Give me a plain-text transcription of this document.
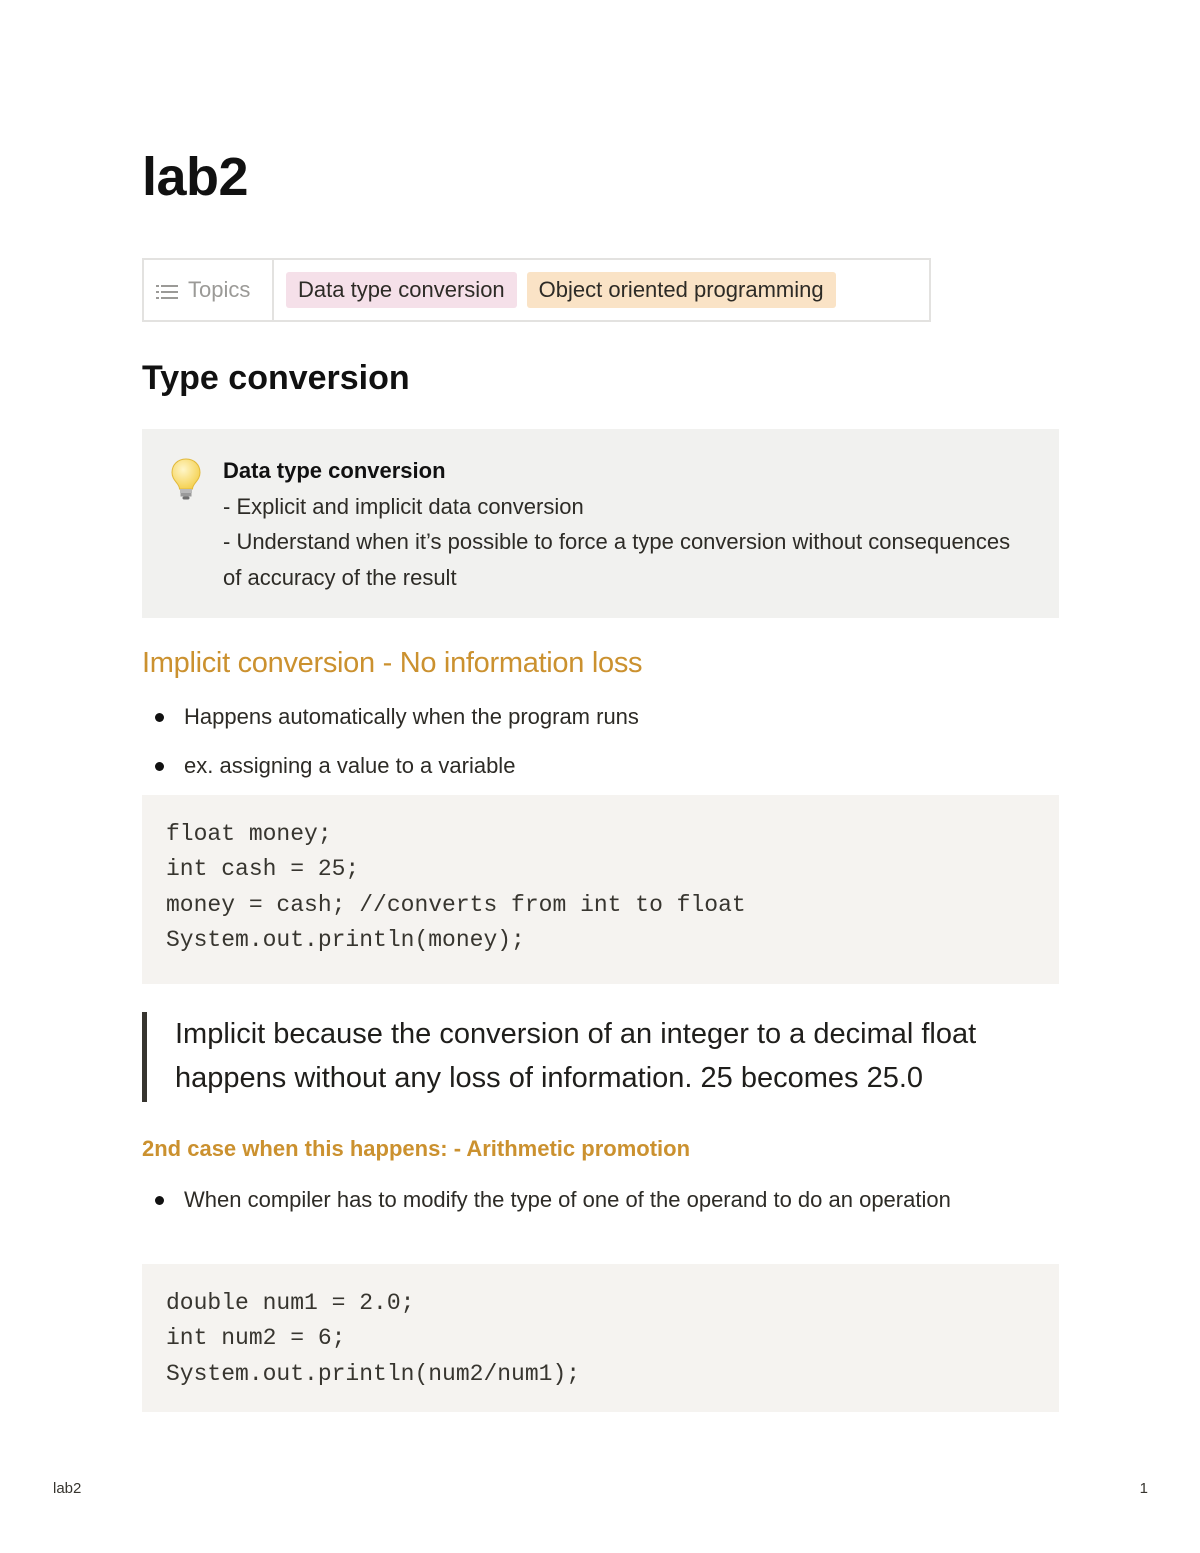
lab2
Topics	Data type conversion	Object oriented programming
Type conversion
Data type conversion
- Explicit and implicit data conversion
- Understand when it’s possible to force a type conversion without consequences of accuracy of the result
Implicit conversion - No information loss
Happens automatically when the program runs
ex. assigning a value to a variable
float money;
int cash = 25;
money = cash; //converts from int to float
System.out.println(money);
Implicit because the conversion of an integer to a decimal float happens without any loss of information. 25 becomes 25.0
2nd case when this happens: - Arithmetic promotion
When compiler has to modify the type of one of the operand to do an operation
double num1 = 2.0;
int num2 = 6;
System.out.println(num2/num1);
lab2	1
